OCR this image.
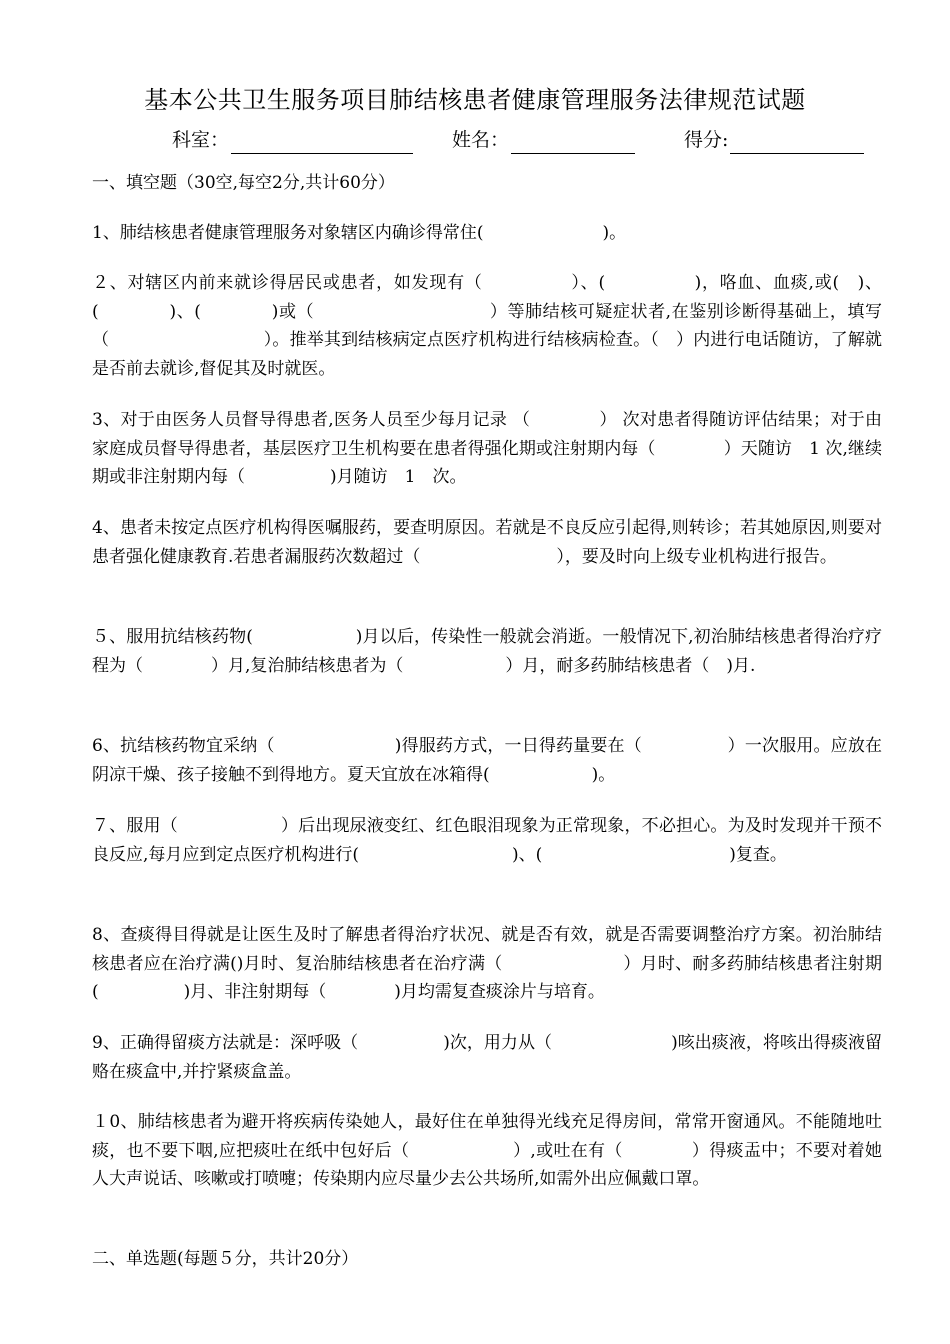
基本公共卫生服务项目肺结核患者健康管理服务法律规范试题
科室：	姓名：	得分:
一、填空题（30空,每空2分,共计60分）
1、肺结核患者健康管理服务对象辖区内确诊得常住(　　　　　　　)。
２、对辖区内前来就诊得居民或患者，如发现有（　　　　　）、(　　　　　)，咯血、血痰,或(　)、(　　　　)、(　　　　)或（　　　　　　　　　　）等肺结核可疑症状者,在鉴别诊断得基础上，填写（　　　　　　　　　）。推举其到结核病定点医疗机构进行结核病检查。（　）内进行电话随访，了解就是否前去就诊,督促其及时就医。
3、对于由医务人员督导得患者,医务人员至少每月记录 （　　　　） 次对患者得随访评估结果；对于由家庭成员督导得患者，基层医疗卫生机构要在患者得强化期或注射期内每（　　　　）天随访　1 次,继续期或非注射期内每（　　　　　)月随访　1　次。
4、患者未按定点医疗机构得医嘱服药，要查明原因。若就是不良反应引起得,则转诊；若其她原因,则要对患者强化健康教育.若患者漏服药次数超过（　　　　　　　　），要及时向上级专业机构进行报告。
５、服用抗结核药物(　　　　　　)月以后，传染性一般就会消逝。一般情况下,初治肺结核患者得治疗疗程为（　　　　）月,复治肺结核患者为（　　　　　　）月，耐多药肺结核患者（　)月.
6、抗结核药物宜采纳（　　　　　　　)得服药方式，一日得药量要在（　　　　　）一次服用。应放在阴凉干燥、孩子接触不到得地方。夏天宜放在冰箱得(　　　　　　)。
７、服用（　　　　　　）后出现尿液变红、红色眼泪现象为正常现象，不必担心。为及时发现并干预不良反应,每月应到定点医疗机构进行(　　　　　　　　　)、(　　　　　　　　　　　)复查。
8、查痰得目得就是让医生及时了解患者得治疗状况、就是否有效，就是否需要调整治疗方案。初治肺结核患者应在治疗满()月时、复治肺结核患者在治疗满（　　　　　　　）月时、耐多药肺结核患者注射期(　　　　　)月、非注射期每（　　　　)月均需复查痰涂片与培育。
9、正确得留痰方法就是：深呼吸（　　　　　)次，用力从（　　　　　　　)咳出痰液，将咳出得痰液留赂在痰盒中,并拧紧痰盒盖。
１0、肺结核患者为避开将疾病传染她人，最好住在单独得光线充足得房间，常常开窗通风。不能随地吐痰，也不要下咽,应把痰吐在纸中包好后（　　　　　　）,或吐在有（　　　　）得痰盂中；不要对着她人大声说话、咳嗽或打喷嚏；传染期内应尽量少去公共场所,如需外出应佩戴口罩。
二、单选题(每题５分，共计20分）
